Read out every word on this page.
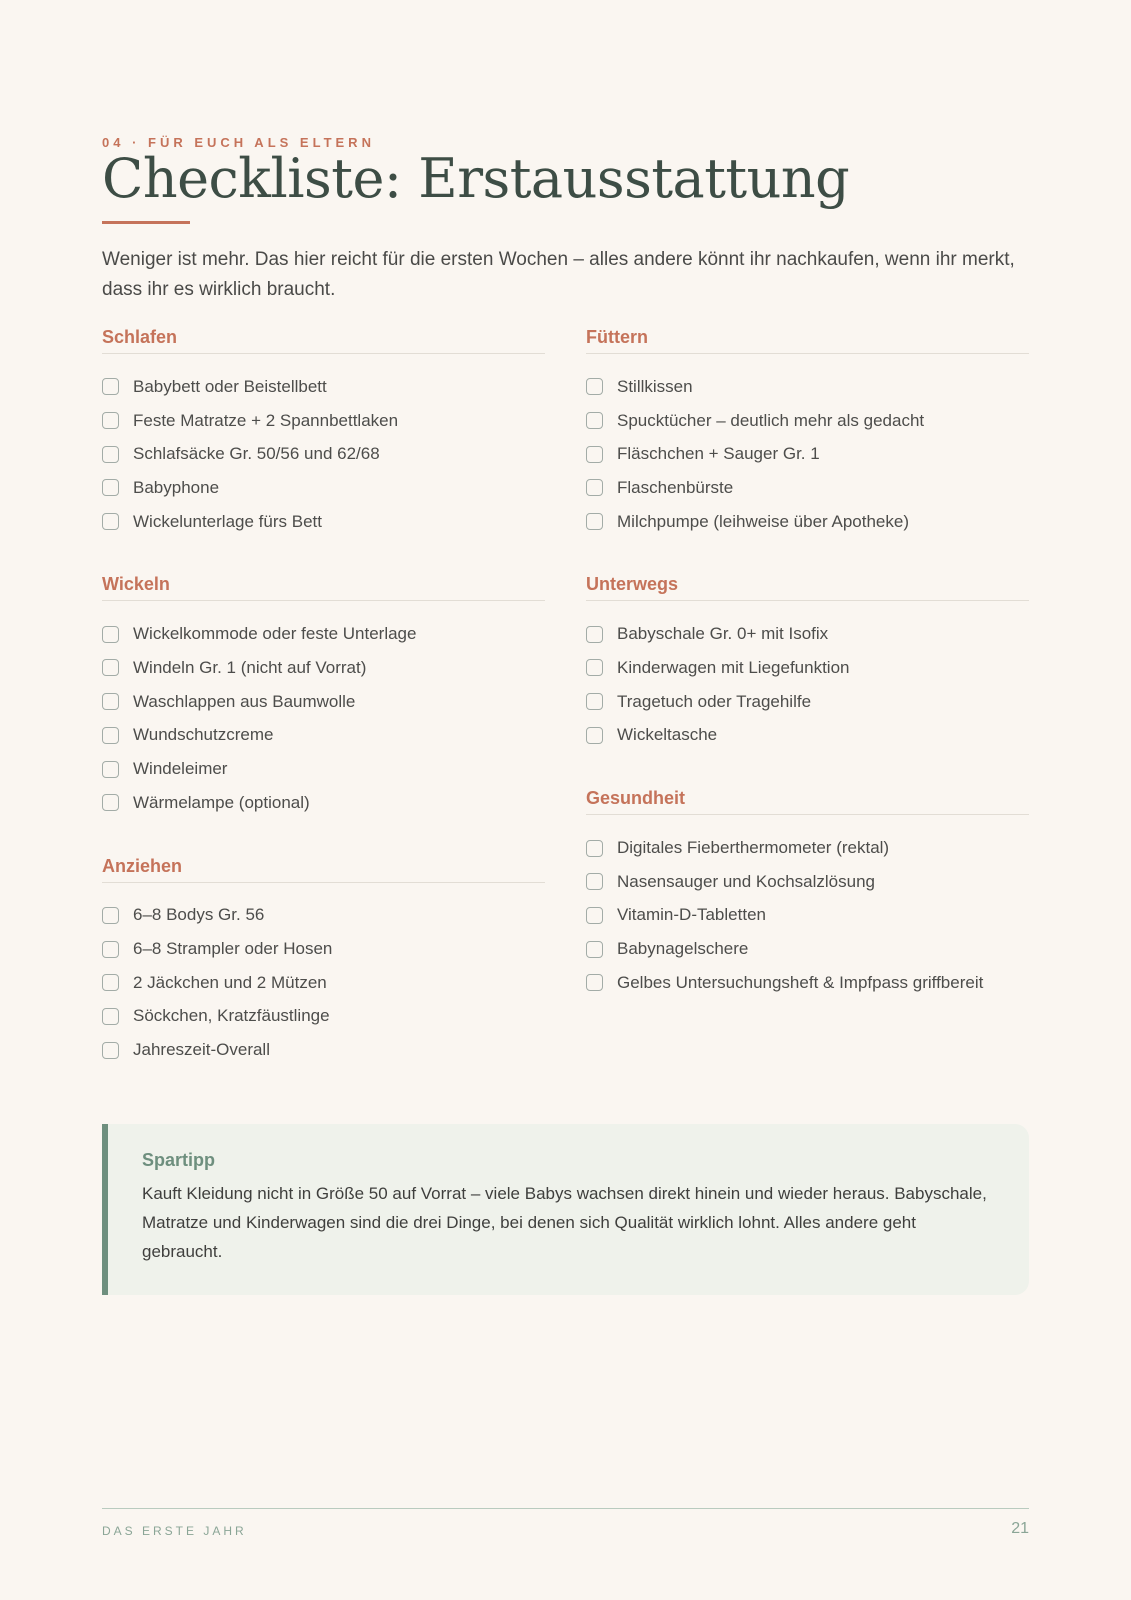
04 · FÜR EUCH ALS ELTERN
Checkliste: Erstausstattung

Weniger ist mehr. Das hier reicht für die ersten Wochen – alles andere könnt ihr nachkaufen, wenn ihr merkt, dass ihr es wirklich braucht.

Schlafen
Babybett oder Beistellbett
Feste Matratze + 2 Spannbettlaken
Schlafsäcke Gr. 50/56 und 62/68
Babyphone
Wickelunterlage fürs Bett
Wickeln
Wickelkommode oder feste Unterlage
Windeln Gr. 1 (nicht auf Vorrat)
Waschlappen aus Baumwolle
Wundschutzcreme
Windeleimer
Wärmelampe (optional)
Anziehen
6–8 Bodys Gr. 56
6–8 Strampler oder Hosen
2 Jäckchen und 2 Mützen
Söckchen, Kratzfäustlinge
Jahreszeit-Overall
Füttern
Stillkissen
Spucktücher – deutlich mehr als gedacht
Fläschchen + Sauger Gr. 1
Flaschenbürste
Milchpumpe (leihweise über Apotheke)
Unterwegs
Babyschale Gr. 0+ mit Isofix
Kinderwagen mit Liegefunktion
Tragetuch oder Tragehilfe
Wickeltasche
Gesundheit
Digitales Fieberthermometer (rektal)
Nasensauger und Kochsalzlösung
Vitamin-D-Tabletten
Babynagelschere
Gelbes Untersuchungsheft & Impfpass griffbereit
Spartipp

Kauft Kleidung nicht in Größe 50 auf Vorrat – viele Babys wachsen direkt hinein und wieder heraus. Babyschale, Matratze und Kinderwagen sind die drei Dinge, bei denen sich Qualität wirklich lohnt. Alles andere geht gebraucht.

DAS ERSTE JAHR	21
